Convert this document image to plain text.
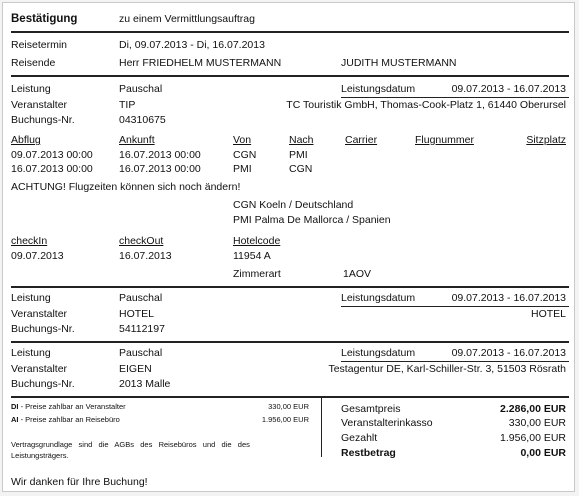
Bestätigung	zu einem Vermittlungsauftrag
Reisetermin	Di, 09.07.2013 - Di, 16.07.2013
Reisende	Herr FRIEDHELM MUSTERMANN	JUDITH MUSTERMANN
Leistung	Pauschal	Leistungsdatum	09.07.2013 - 16.07.2013
Veranstalter	TIP	TC Touristik GmbH, Thomas-Cook-Platz 1, 61440 Oberursel
Buchungs-Nr.	04310675
Abflug	Ankunft	Von	Nach	Carrier	Flugnummer	Sitzplatz
09.07.2013 00:00	16.07.2013 00:00	CGN	PMI
16.07.2013 00:00	16.07.2013 00:00	PMI	CGN
ACHTUNG! Flugzeiten können sich noch ändern!
CGN Koeln / Deutschland
PMI Palma De Mallorca / Spanien
checkIn	checkOut	Hotelcode
09.07.2013	16.07.2013	11954 A
Zimmerart	1AOV
Leistung	Pauschal	Leistungsdatum	09.07.2013 - 16.07.2013
Veranstalter	HOTEL	HOTEL
Buchungs-Nr.	54112197
Leistung	Pauschal	Leistungsdatum	09.07.2013 - 16.07.2013
Veranstalter	EIGEN	Testagentur DE, Karl-Schiller-Str. 3, 51503 Rösrath
Buchungs-Nr.	2013 Malle
DI - Preise zahlbar an Veranstalter	330,00 EUR
AI - Preise zahlbar an Reisebüro	1.956,00 EUR
Vertragsgrundlage   sind   die   AGBs   des   Reisebüros   und   die   des
Leistungsträgers.
Wir danken für Ihre Buchung!
Gesamtpreis	2.286,00 EUR
Veranstalterinkasso	330,00 EUR
Gezahlt	1.956,00 EUR
Restbetrag	0,00 EUR
